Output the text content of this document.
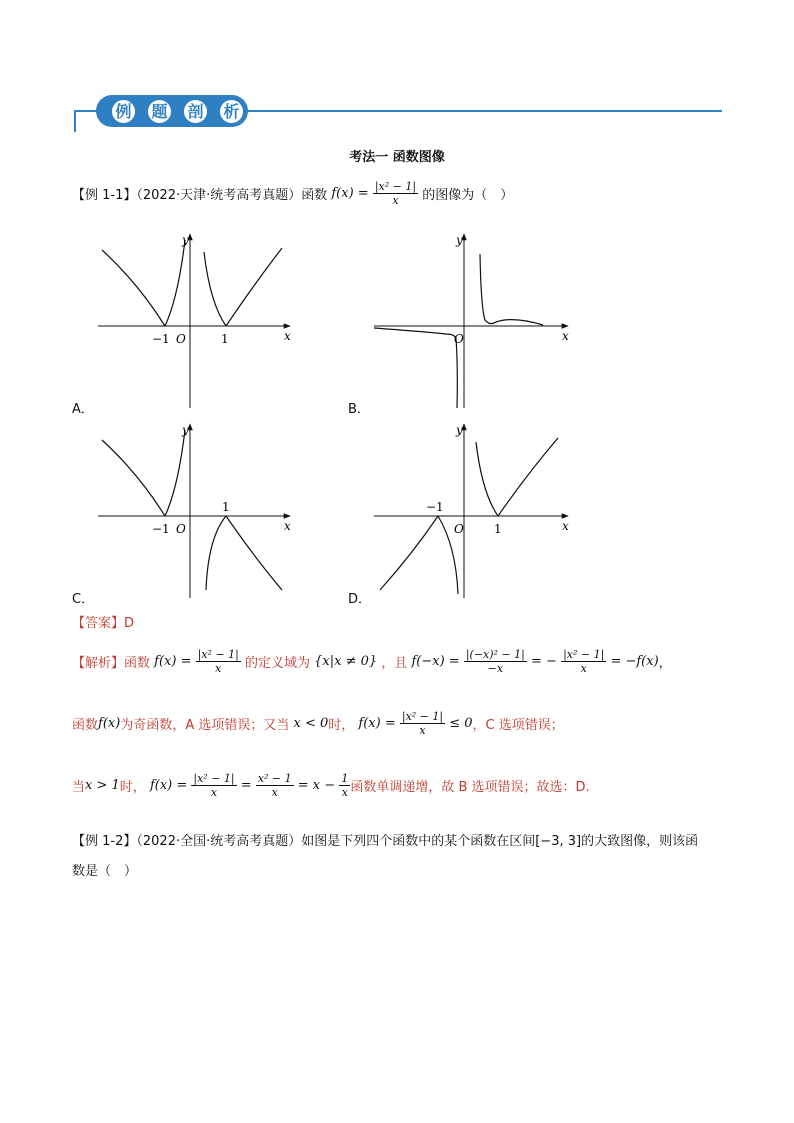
例	题	剖	析
考法一 函数图像
【例 1-1】（2022·天津·统考高考真题）函数 $f(x) = \frac{\text{|x² − 1|}}{x}$ 的图像为（　）
y
x
O
−1	1
A．
y
x
O
B．
y
x
O
−1
1
C．
y
x
O
−1
1
D．
【答案】D
【解析】函数 $f(x) = \frac{\text{|x² − 1|}}{x}$ 的定义域为 {x|x ≠ 0} ，且 $f(-x) = \frac{\text{|(−x)² − 1|}}{-x}$ = − $\frac{\text{|x² − 1|}}{x} = -f(x)$，
函数f(x)为奇函数，A 选项错误；又当 x < 0时， $f(x) = \frac{\text{|x² − 1|}}{x} \le 0$，C 选项错误；
当x > 1时， $f(x) = \frac{\text{|x² − 1|}}{x} = \frac{\text{x² − 1}}{x} = x - \frac{1}{x}$ 函数单调递增，故 B 选项错误；故选：D.
【例 1-2】（2022·全国·统考高考真题）如图是下列四个函数中的某个函数在区间[−3, 3]的大致图像，则该函
数是（　）
